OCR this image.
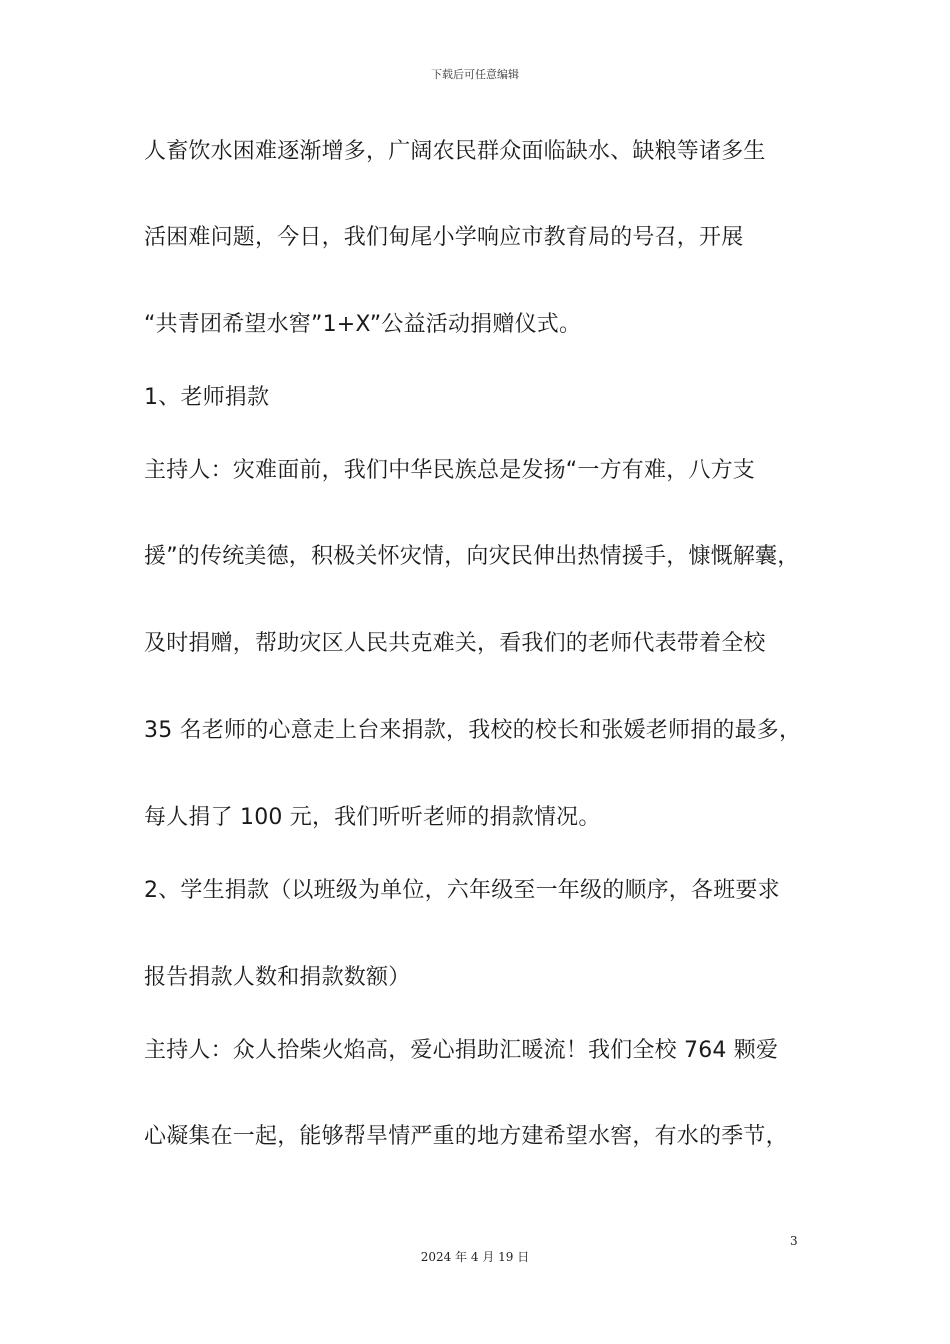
下载后可任意编辑
人畜饮水困难逐渐增多，广阔农民群众面临缺水、缺粮等诸多生
活困难问题，今日，我们甸尾小学响应市教育局的号召，开展
“共青团希望水窖”1+X”公益活动捐赠仪式。
1、老师捐款
主持人：灾难面前，我们中华民族总是发扬“一方有难，八方支
援”的传统美德，积极关怀灾情，向灾民伸出热情援手，慷慨解囊，
及时捐赠，帮助灾区人民共克难关，看我们的老师代表带着全校
35 名老师的心意走上台来捐款，我校的校长和张媛老师捐的最多，
每人捐了 100 元，我们听听老师的捐款情况。
2、学生捐款（以班级为单位，六年级至一年级的顺序，各班要求
报告捐款人数和捐款数额）
主持人：众人拾柴火焰高，爱心捐助汇暖流！我们全校 764 颗爱
心凝集在一起，能够帮旱情严重的地方建希望水窖，有水的季节，
3
2024 年 4 月 19 日
